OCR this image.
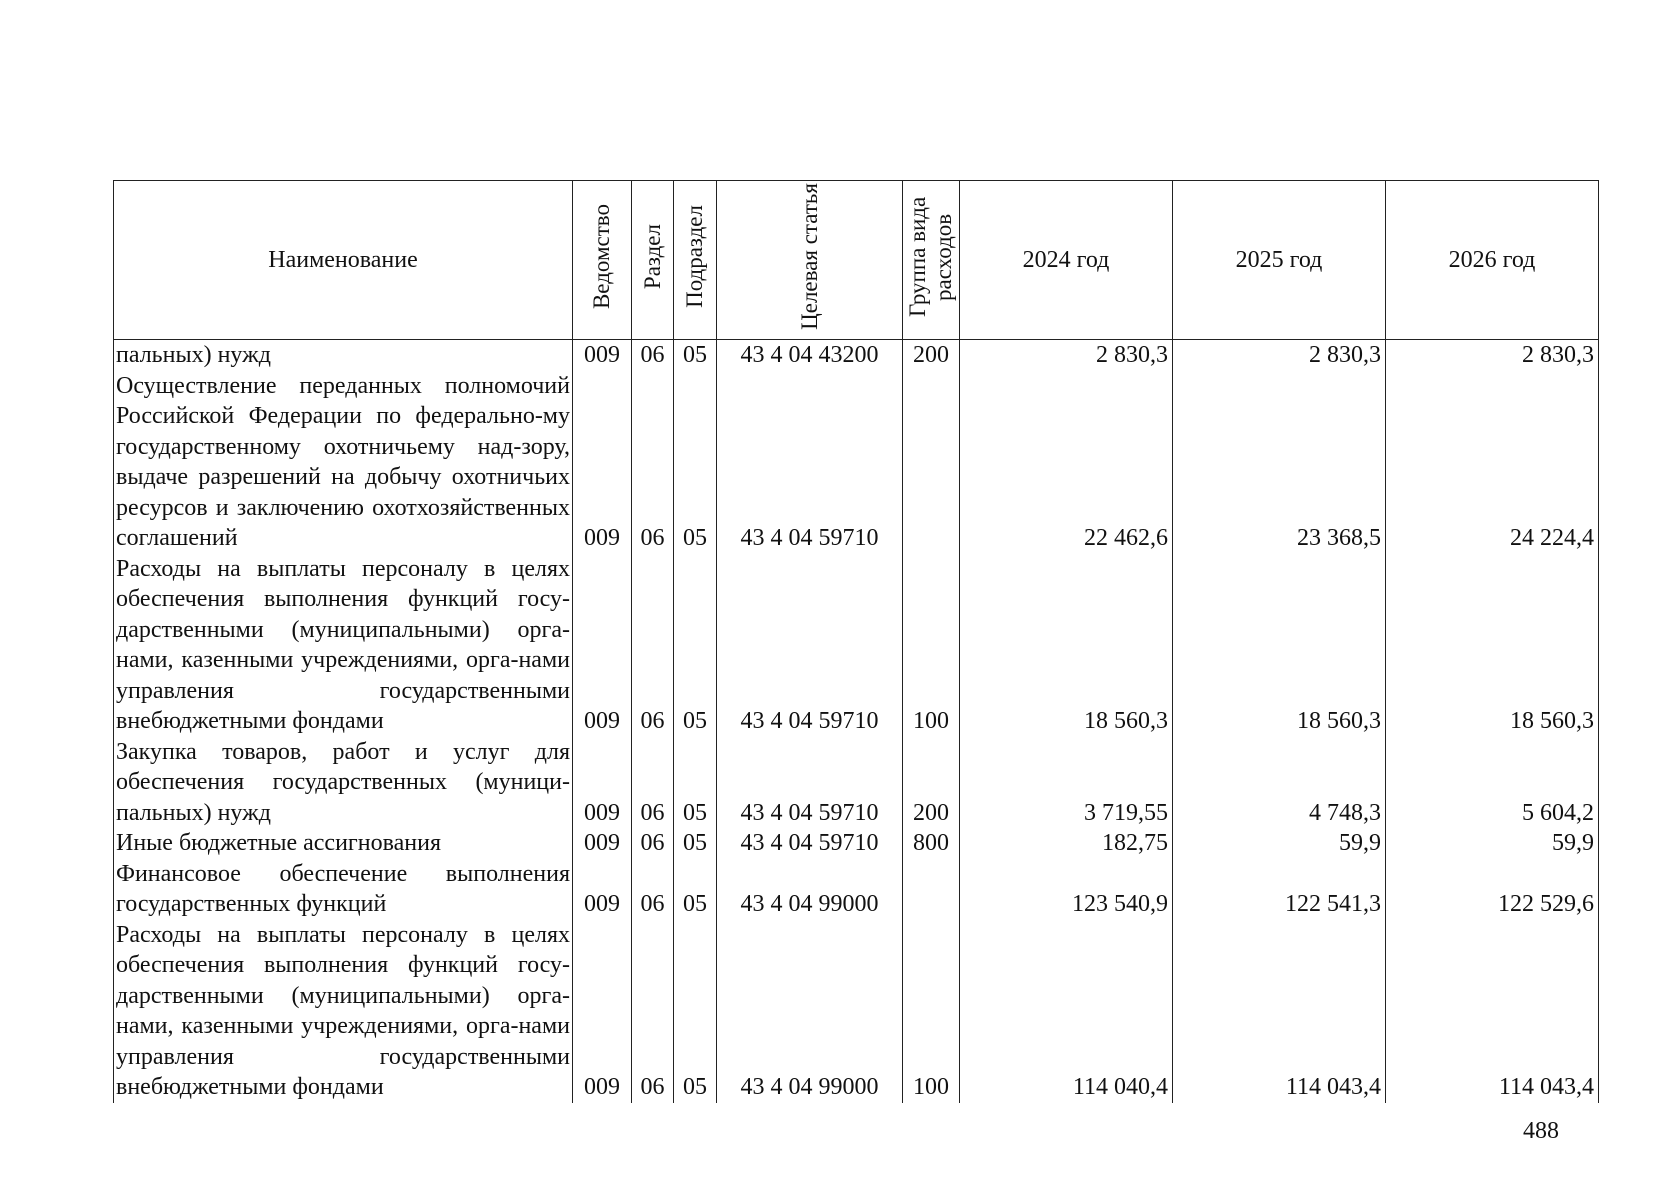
Наименование	Ведомство	Раздел	Подраздел	Целевая статья	Группа вида расходов	2024 год	2025 год	2026 год
пальных) нужд	009	06	05	43 4 04 43200	200	2 830,3	2 830,3	2 830,3
Осуществление переданных полномочий Российской Федерации по федерально-му государственному охотничьему над-зору, выдаче разрешений на добычу охотничьих ресурсов и заключению охотхозяйственных соглашений	009	06	05	43 4 04 59710		22 462,6	23 368,5	24 224,4
Расходы на выплаты персоналу в целях обеспечения выполнения функций госу-дарственными (муниципальными) орга-нами, казенными учреждениями, орга-нами управления государственными внебюджетными фондами	009	06	05	43 4 04 59710	100	18 560,3	18 560,3	18 560,3
Закупка товаров, работ и услуг для обеспечения государственных (муници-пальных) нужд	009	06	05	43 4 04 59710	200	3 719,55	4 748,3	5 604,2
Иные бюджетные ассигнования	009	06	05	43 4 04 59710	800	182,75	59,9	59,9
Финансовое обеспечение выполнения государственных функций	009	06	05	43 4 04 99000		123 540,9	122 541,3	122 529,6
Расходы на выплаты персоналу в целях обеспечения выполнения функций госу-дарственными (муниципальными) орга-нами, казенными учреждениями, орга-нами управления государственными внебюджетными фондами	009	06	05	43 4 04 99000	100	114 040,4	114 043,4	114 043,4
488
